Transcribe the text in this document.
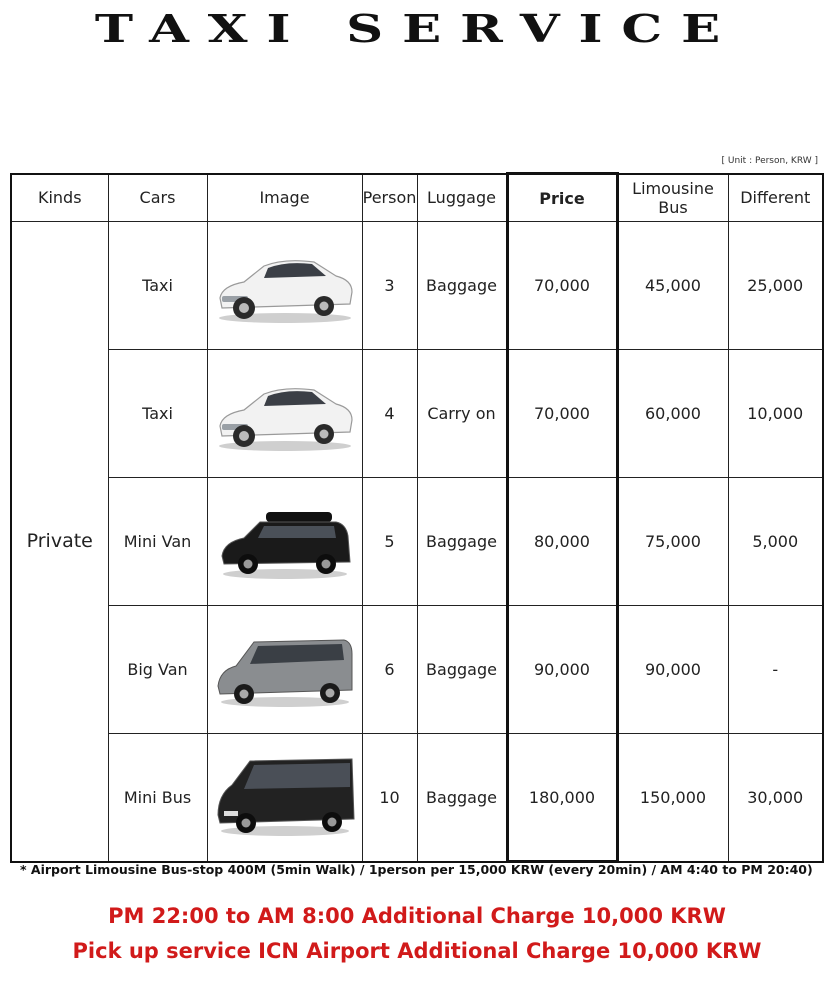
TAXI SERVICE
[ Unit : Person, KRW ]
Kinds	Cars	Image	Person	Luggage	Price	Limousine Bus	Different
Private	Taxi		3	Baggage	70,000	45,000	25,000
	Taxi		4	Carry on	70,000	60,000	10,000
	Mini Van		5	Baggage	80,000	75,000	5,000
	Big Van		6	Baggage	90,000	90,000	-
	Mini Bus		10	Baggage	180,000	150,000	30,000
* Airport Limousine Bus-stop 400M (5min Walk) / 1person per 15,000 KRW (every 20min) / AM 4:40 to PM 20:40)
PM 22:00 to AM 8:00 Additional Charge 10,000 KRW
Pick up service ICN Airport Additional Charge 10,000 KRW
